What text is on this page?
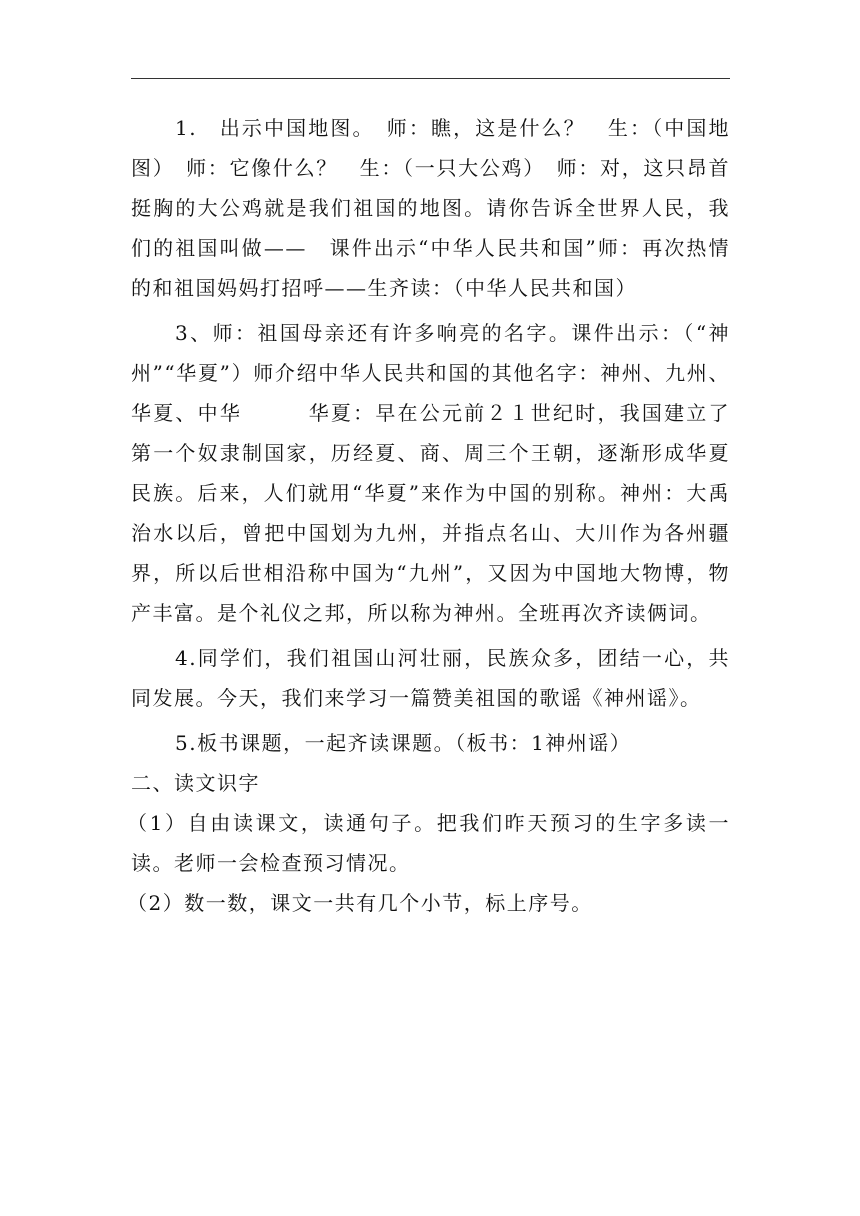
1.　出示中国地图。　师：瞧，这是什么？　生：（中国地图）　师：它像什么？　生：（一只大公鸡）　师：对，这只昂首挺胸的大公鸡就是我们祖国的地图。请你告诉全世界人民，我们的祖国叫做——　课件出示“中华人民共和国”师：再次热情的和祖国妈妈打招呼——生齐读：（中华人民共和国）

3、师：祖国母亲还有许多响亮的名字。课件出示：（“神州”“华夏”）师介绍中华人民共和国的其他名字：神州、九州、华夏、中华　　　华夏：早在公元前２１世纪时，我国建立了第一个奴隶制国家，历经夏、商、周三个王朝，逐渐形成华夏民族。后来，人们就用“华夏”来作为中国的别称。神州：大禹治水以后，曾把中国划为九州，并指点名山、大川作为各州疆界，所以后世相沿称中国为“九州”，又因为中国地大物博，物产丰富。是个礼仪之邦，所以称为神州。全班再次齐读俩词。

4.同学们，我们祖国山河壮丽，民族众多，团结一心，共同发展。今天，我们来学习一篇赞美祖国的歌谣《神州谣》。

5.板书课题，一起齐读课题。（板书：1神州谣）

二、读文识字

（1）自由读课文，读通句子。把我们昨天预习的生字多读一读。老师一会检查预习情况。

（2）数一数，课文一共有几个小节，标上序号。
